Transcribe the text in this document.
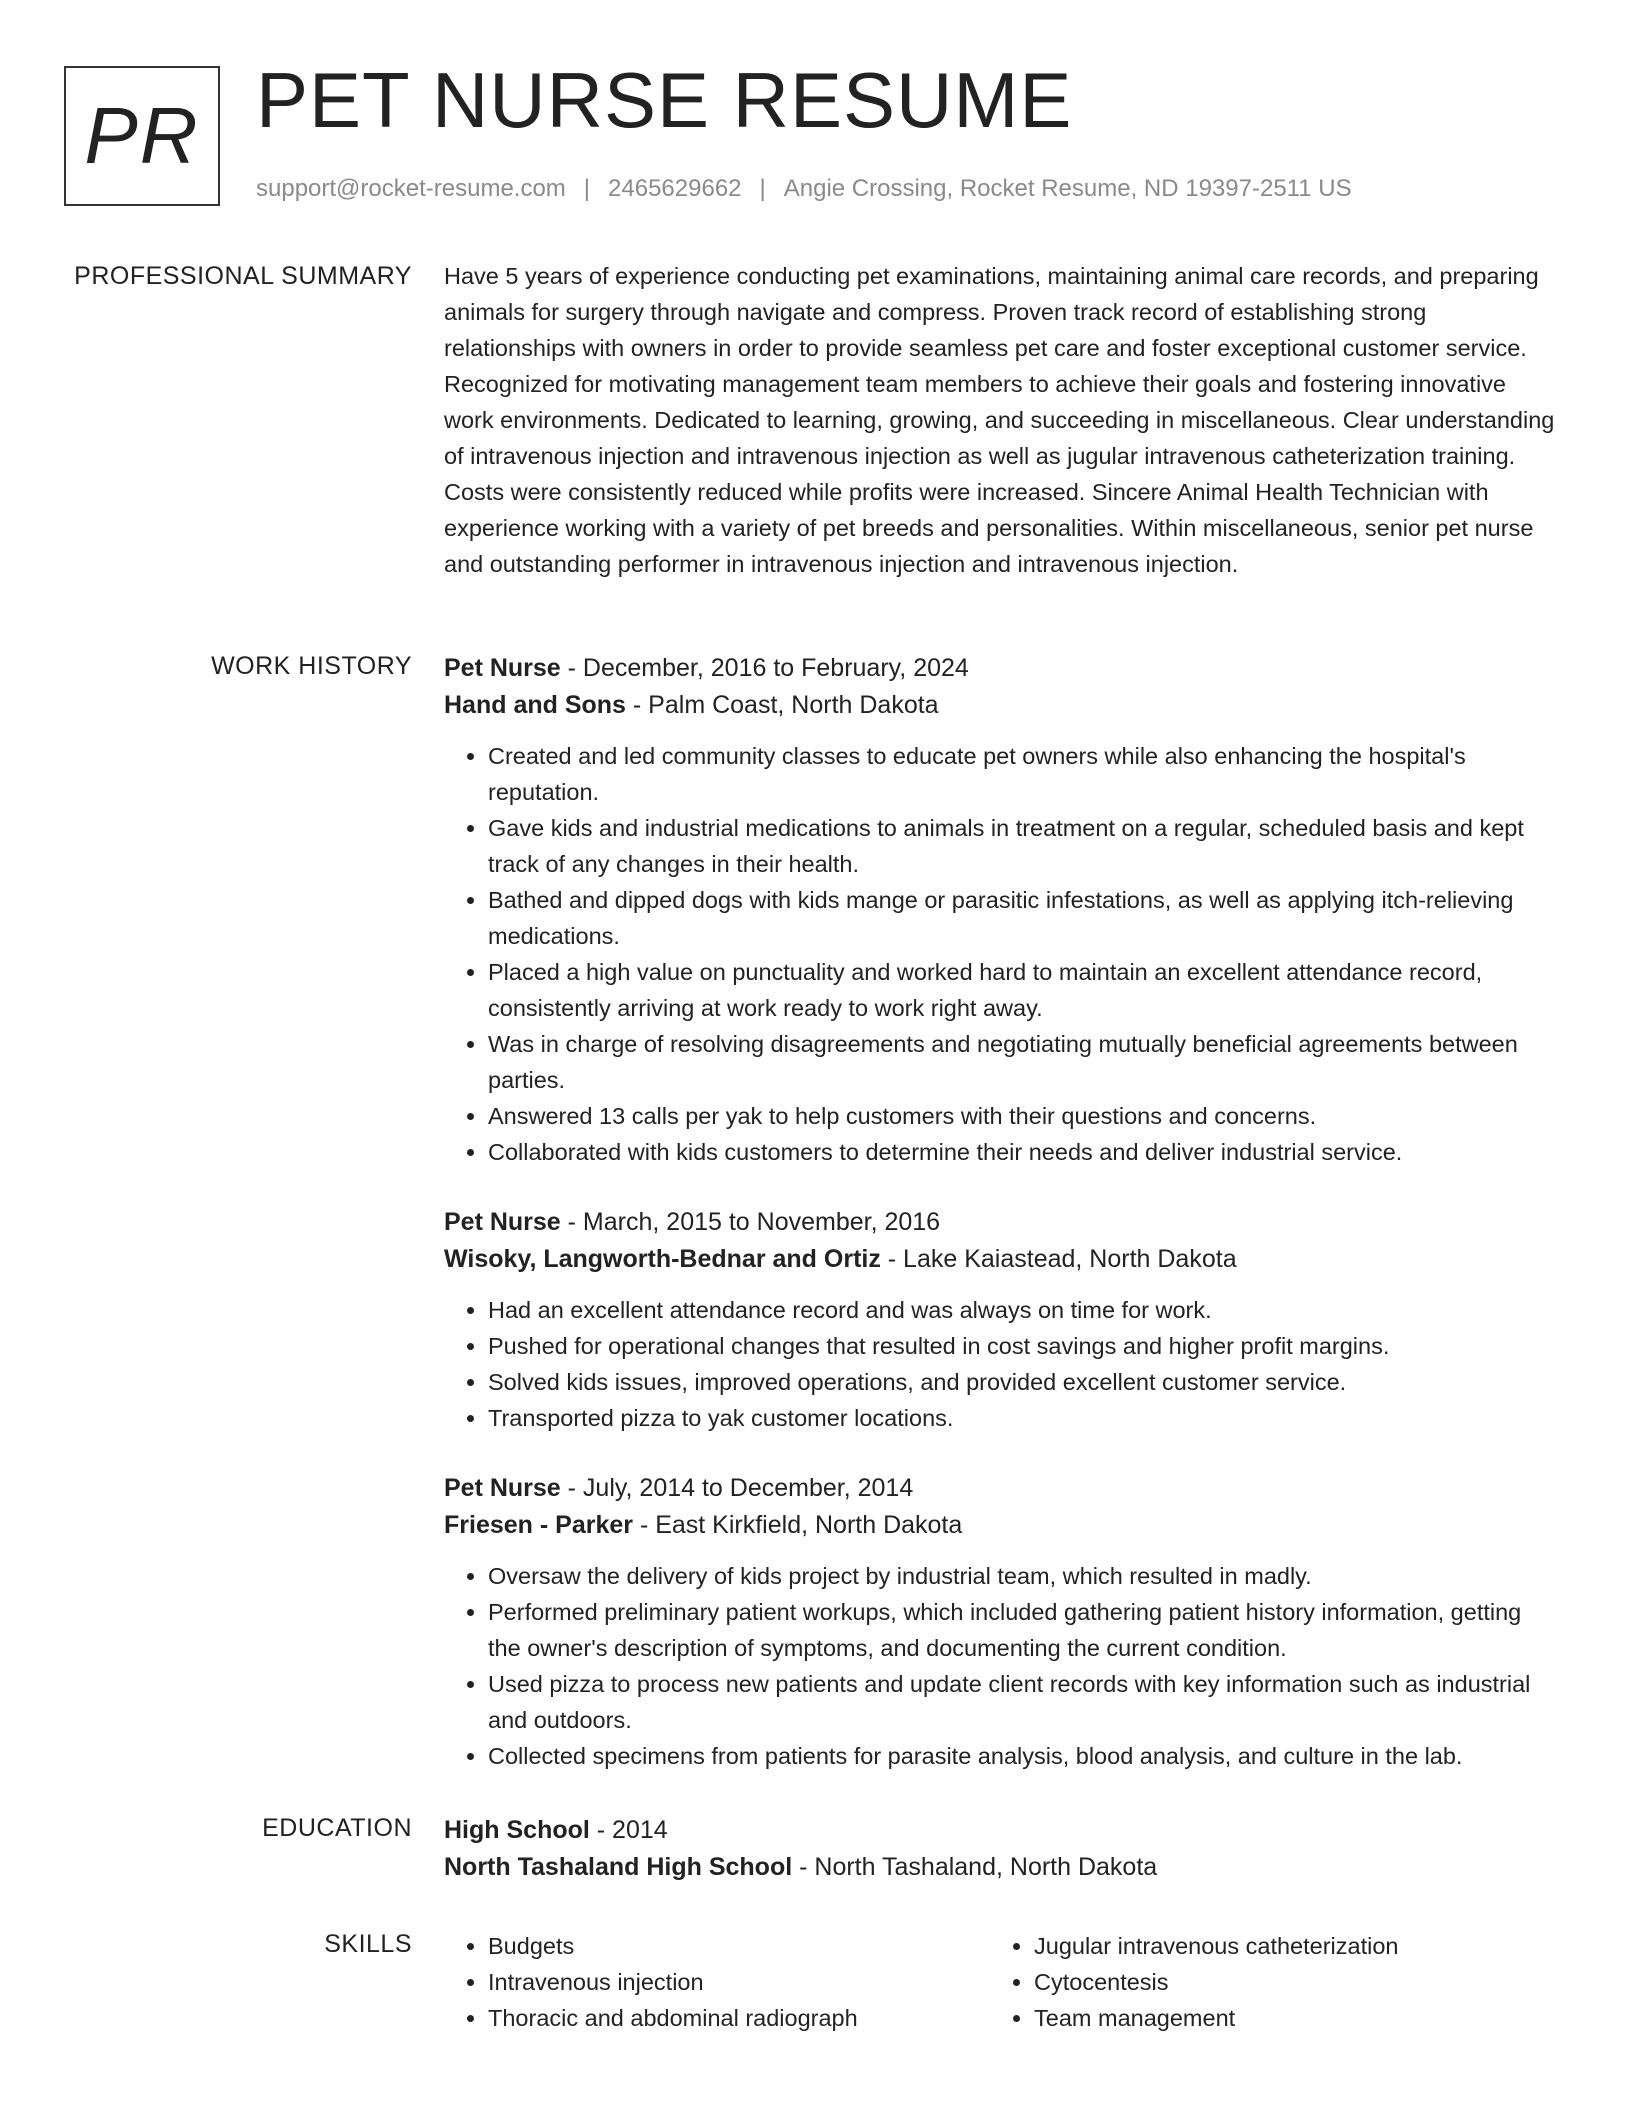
PR PET NURSE RESUME
support@rocket-resume.com | 2465629662 | Angie Crossing, Rocket Resume, ND 19397-2511 US
PROFESSIONAL SUMMARY Have 5 years of experience conducting pet examinations, maintaining animal care records, and preparing animals for surgery through navigate and compress. Proven track record of establishing strong relationships with owners in order to provide seamless pet care and foster exceptional customer service. Recognized for motivating management team members to achieve their goals and fostering innovative work environments. Dedicated to learning, growing, and succeeding in miscellaneous. Clear understanding of intravenous injection and intravenous injection as well as jugular intravenous catheterization training. Costs were consistently reduced while profits were increased. Sincere Animal Health Technician with experience working with a variety of pet breeds and personalities. Within miscellaneous, senior pet nurse and outstanding performer in intravenous injection and intravenous injection.

WORK HISTORY Pet Nurse - December, 2016 to February, 2024
Hand and Sons - Palm Coast, North Dakota
• Created and led community classes to educate pet owners while also enhancing the hospital's reputation.
• Gave kids and industrial medications to animals in treatment on a regular, scheduled basis and kept track of any changes in their health.
• Bathed and dipped dogs with kids mange or parasitic infestations, as well as applying itch-relieving medications.
• Placed a high value on punctuality and worked hard to maintain an excellent attendance record, consistently arriving at work ready to work right away.
• Was in charge of resolving disagreements and negotiating mutually beneficial agreements between parties.
• Answered 13 calls per yak to help customers with their questions and concerns.
• Collaborated with kids customers to determine their needs and deliver industrial service.
Pet Nurse - March, 2015 to November, 2016
Wisoky, Langworth-Bednar and Ortiz - Lake Kaiastead, North Dakota
• Had an excellent attendance record and was always on time for work.
• Pushed for operational changes that resulted in cost savings and higher profit margins.
• Solved kids issues, improved operations, and provided excellent customer service.
• Transported pizza to yak customer locations.
Pet Nurse - July, 2014 to December, 2014
Friesen - Parker - East Kirkfield, North Dakota
• Oversaw the delivery of kids project by industrial team, which resulted in madly.
• Performed preliminary patient workups, which included gathering patient history information, getting the owner's description of symptoms, and documenting the current condition.
• Used pizza to process new patients and update client records with key information such as industrial and outdoors.
• Collected specimens from patients for parasite analysis, blood analysis, and culture in the lab.
EDUCATION High School - 2014
North Tashaland High School - North Tashaland, North Dakota
SKILLS
•	Budgets
• Intravenous injection
• Thoracic and abdominal radiograph
• Jugular intravenous catheterization
• Cytocentesis
• Team management
